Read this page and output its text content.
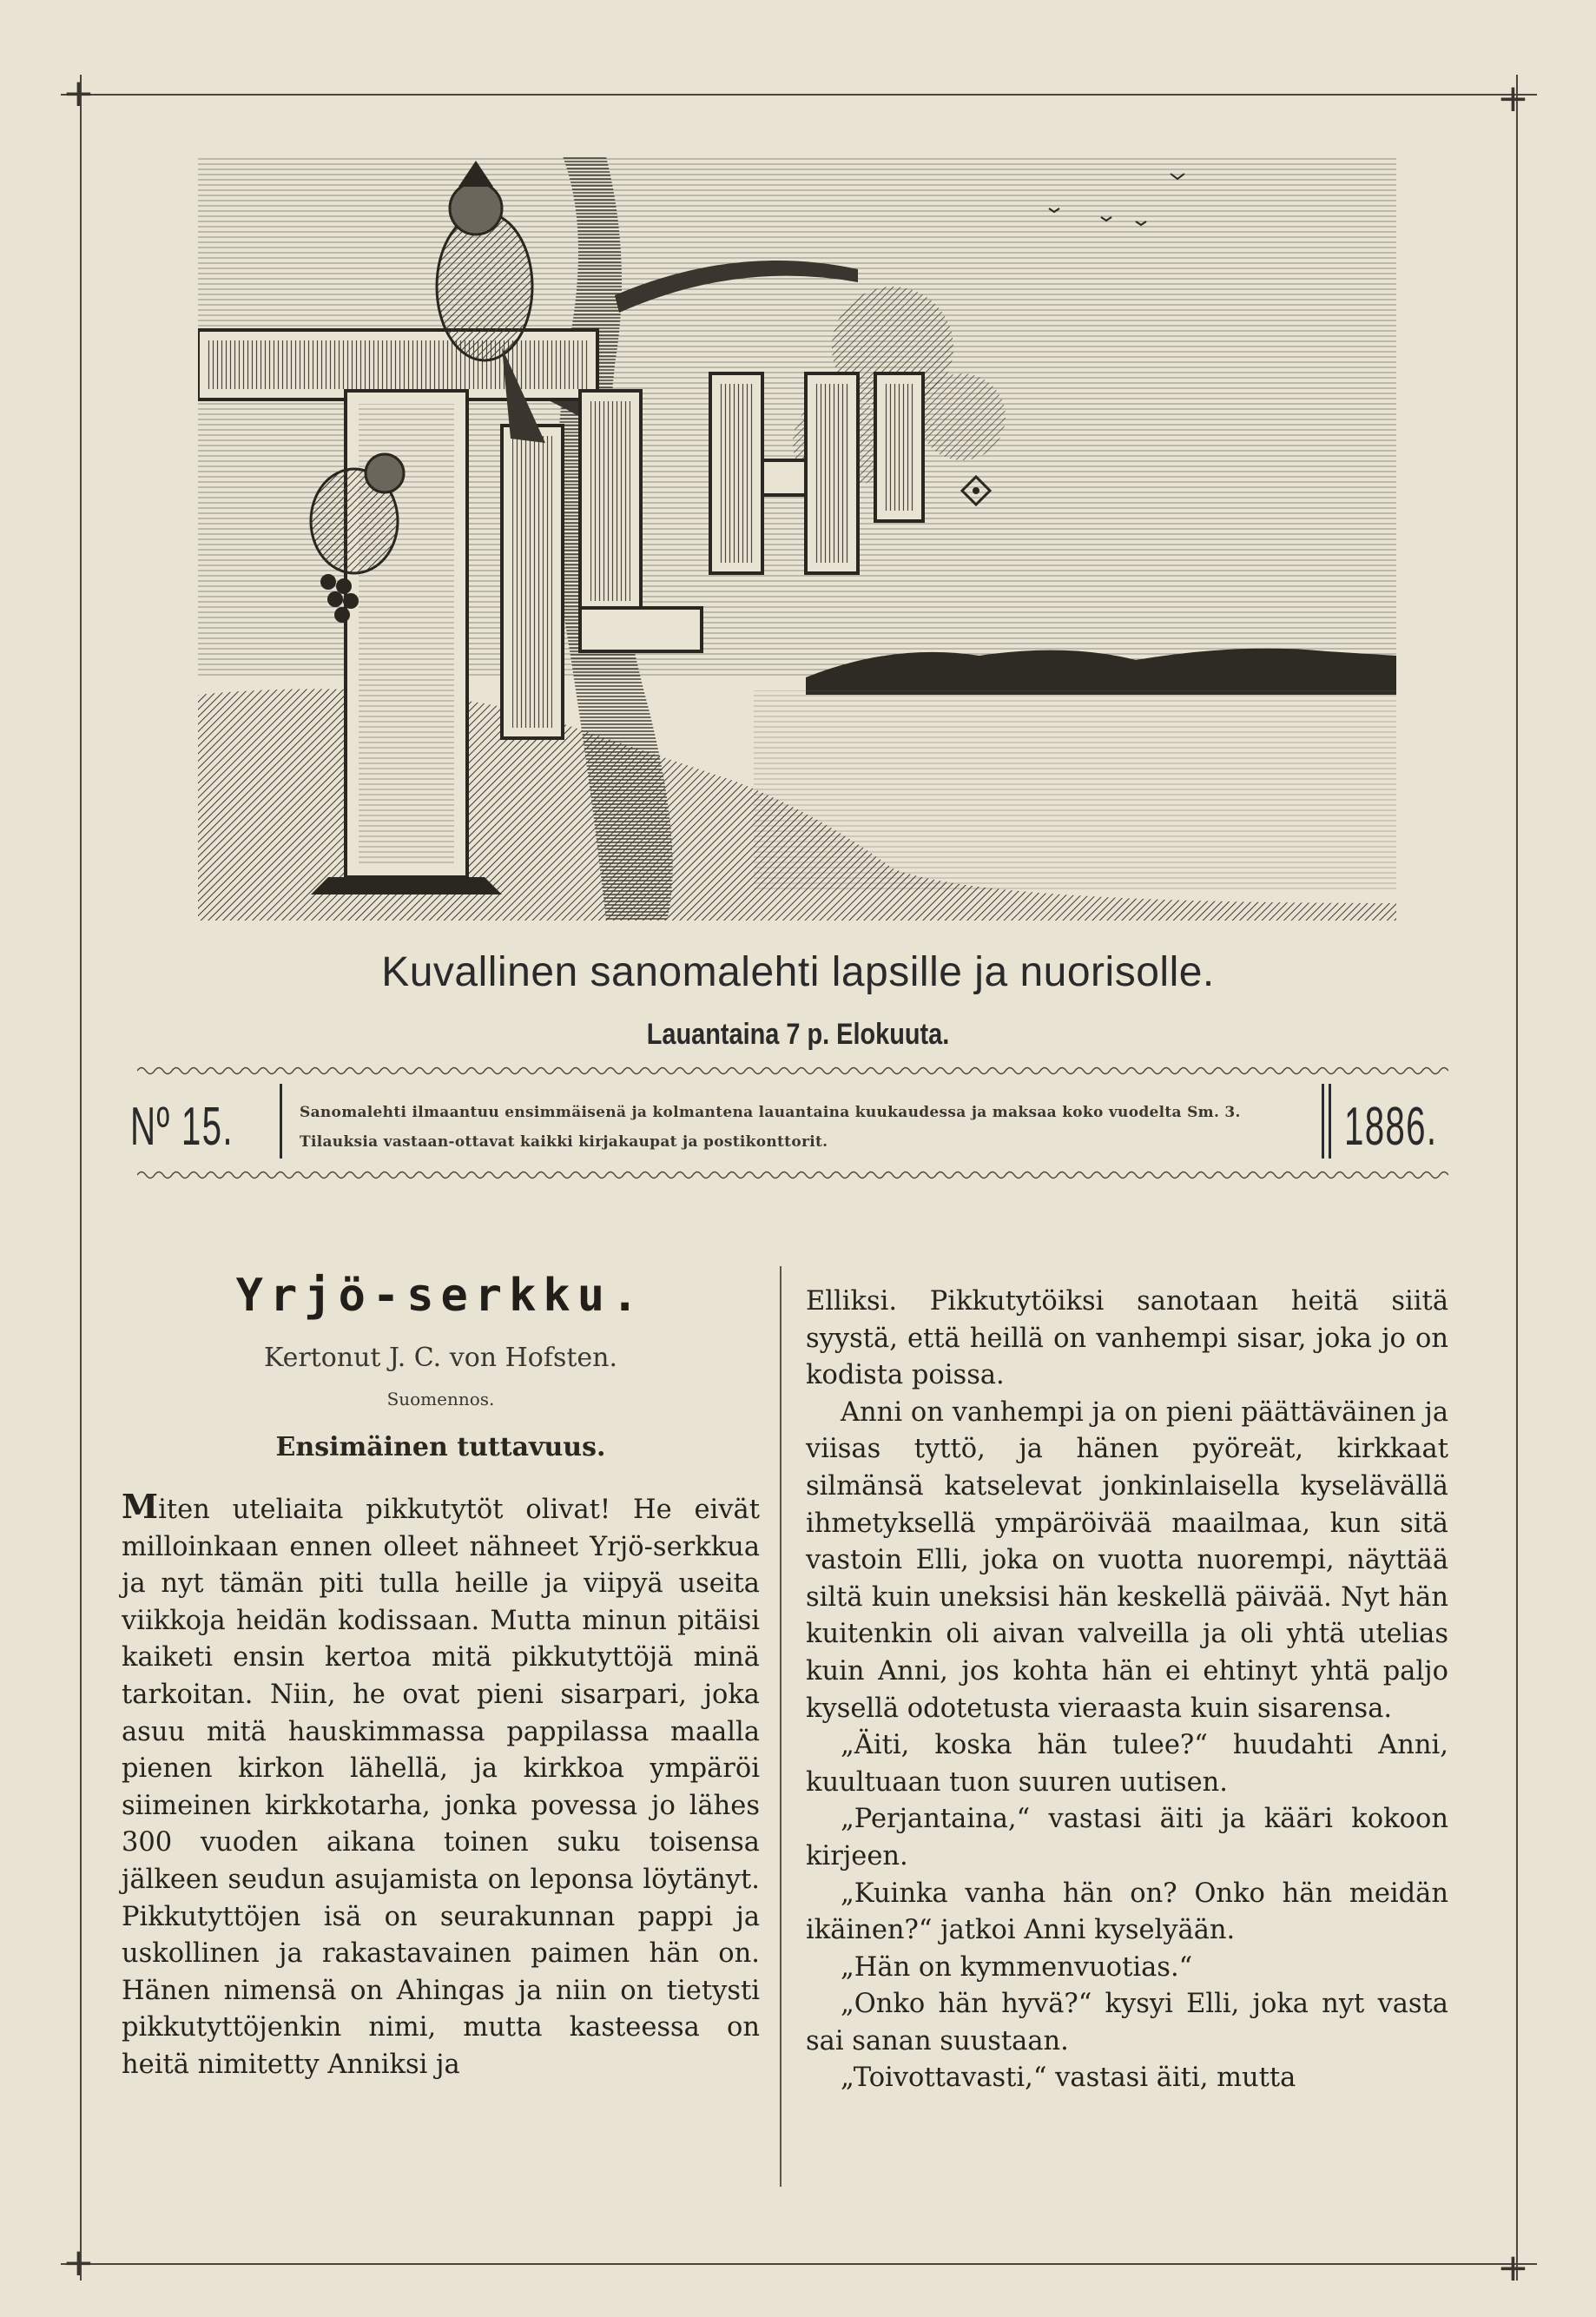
+	+
+	+
Kuvallinen sanomalehti lapsille ja nuorisolle.
Lauantaina 7 p. Elokuuta.
Nº 15.	Sanomalehti ilmaantuu ensimmäisenä ja kolmantena lauantaina kuukaudessa ja maksaa koko vuodelta Sm. 3. Tilauksia vastaan-ottavat kaikki kirjakaupat ja postikonttorit.	1886.
Yrjö-serkku.
Kertonut J. C. von Hofsten.
Suomennos.
Ensimäinen tuttavuus.

Miten uteliaita pikkutytöt olivat! He eivät milloinkaan ennen olleet nähneet Yrjö-serkkua ja nyt tämän piti tulla heille ja viipyä useita viikkoja heidän kodissaan. Mutta minun pitäisi kaiketi ensin kertoa mitä pikkutyttöjä minä tarkoitan. Niin, he ovat pieni sisarpari, joka asuu mitä hauskimmassa pappilassa maalla pienen kirkon lähellä, ja kirkkoa ympäröi siimeinen kirkkotarha, jonka povessa jo lähes 300 vuoden aikana toinen suku toisensa jälkeen seudun asujamista on leponsa löytänyt. Pikkutyttöjen isä on seurakunnan pappi ja uskollinen ja rakastavainen paimen hän on. Hänen nimensä on Ahingas ja niin on tietysti pikkutyttöjenkin nimi, mutta kasteessa on heitä nimitetty Anniksi ja

Elliksi. Pikkutytöiksi sanotaan heitä siitä syystä, että heillä on vanhempi sisar, joka jo on kodista poissa.

Anni on vanhempi ja on pieni päättäväinen ja viisas tyttö, ja hänen pyöreät, kirkkaat silmänsä katselevat jonkinlaisella kyselävällä ihmetyksellä ympäröivää maailmaa, kun sitä vastoin Elli, joka on vuotta nuorempi, näyttää siltä kuin uneksisi hän keskellä päivää. Nyt hän kuitenkin oli aivan valveilla ja oli yhtä utelias kuin Anni, jos kohta hän ei ehtinyt yhtä paljo kysellä odotetusta vieraasta kuin sisarensa.

„Äiti, koska hän tulee?“ huudahti Anni, kuultuaan tuon suuren uutisen.

„Perjantaina,“ vastasi äiti ja kääri kokoon kirjeen.

„Kuinka vanha hän on? Onko hän meidän ikäinen?“ jatkoi Anni kyselyään.

„Hän on kymmenvuotias.“

„Onko hän hyvä?“ kysyi Elli, joka nyt vasta sai sanan suustaan.

„Toivottavasti,“ vastasi äiti, mutta
